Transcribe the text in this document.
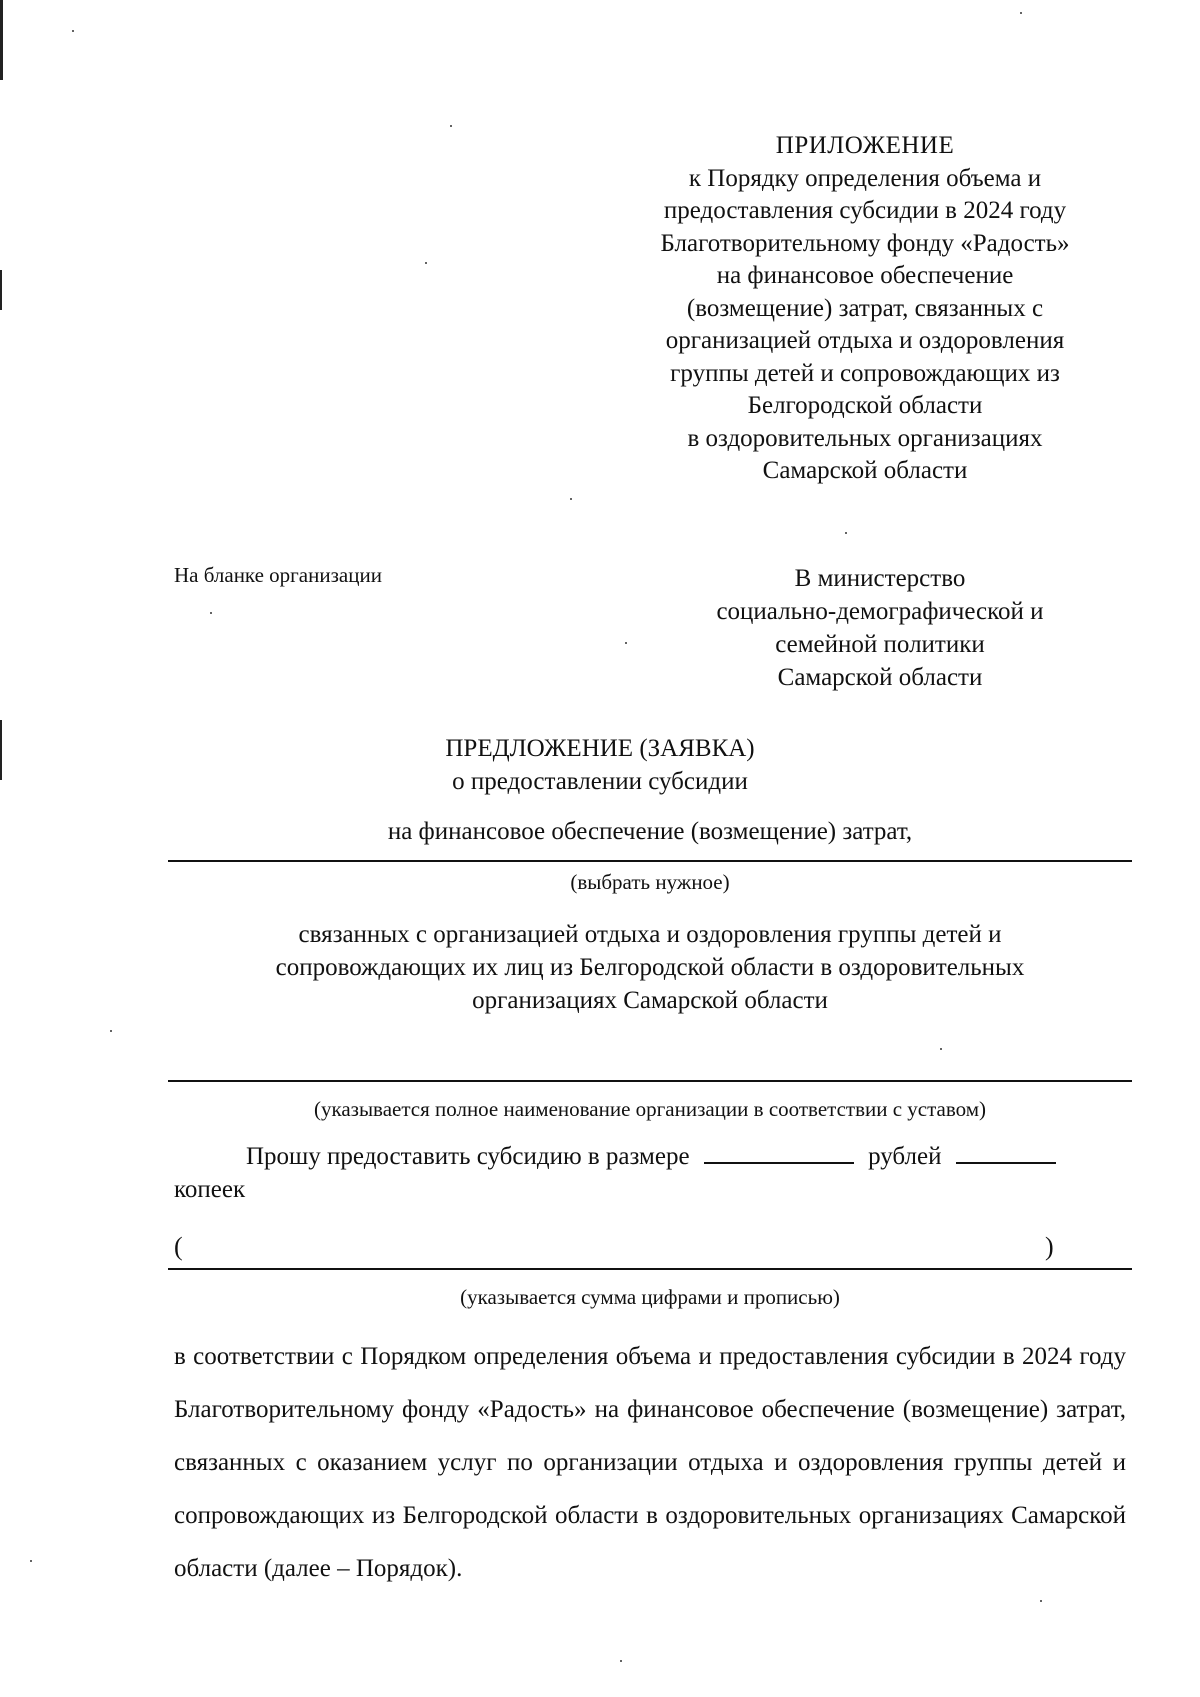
ПРИЛОЖЕНИЕ
к Порядку определения объема и
предоставления субсидии в 2024 году
Благотворительному фонду «Радость»
на финансовое обеспечение
(возмещение) затрат, связанных с
организацией отдыха и оздоровления
группы детей и сопровождающих из
Белгородской области
в оздоровительных организациях
Самарской области
На бланке организации	В министерство
социально-демографической и
семейной политики
Самарской области
ПРЕДЛОЖЕНИЕ (ЗАЯВКА)
о предоставлении субсидии
на финансовое обеспечение (возмещение) затрат,
(выбрать нужное)
связанных с организацией отдыха и оздоровления группы детей и
сопровождающих их лиц из Белгородской области в оздоровительных
организациях Самарской области
(указывается полное наименование организации в соответствии с уставом)
Прошу предоставить субсидию в размере	рублей
копеек
(	)
(указывается сумма цифрами и прописью)
в соответствии с Порядком определения объема и предоставления субсидии в 2024 году Благотворительному фонду «Радость» на финансовое обеспечение (возмещение) затрат, связанных с оказанием услуг по организации отдыха и оздоровления группы детей и сопровождающих из Белгородской области в оздоровительных организациях Самарской области (далее – Порядок).
